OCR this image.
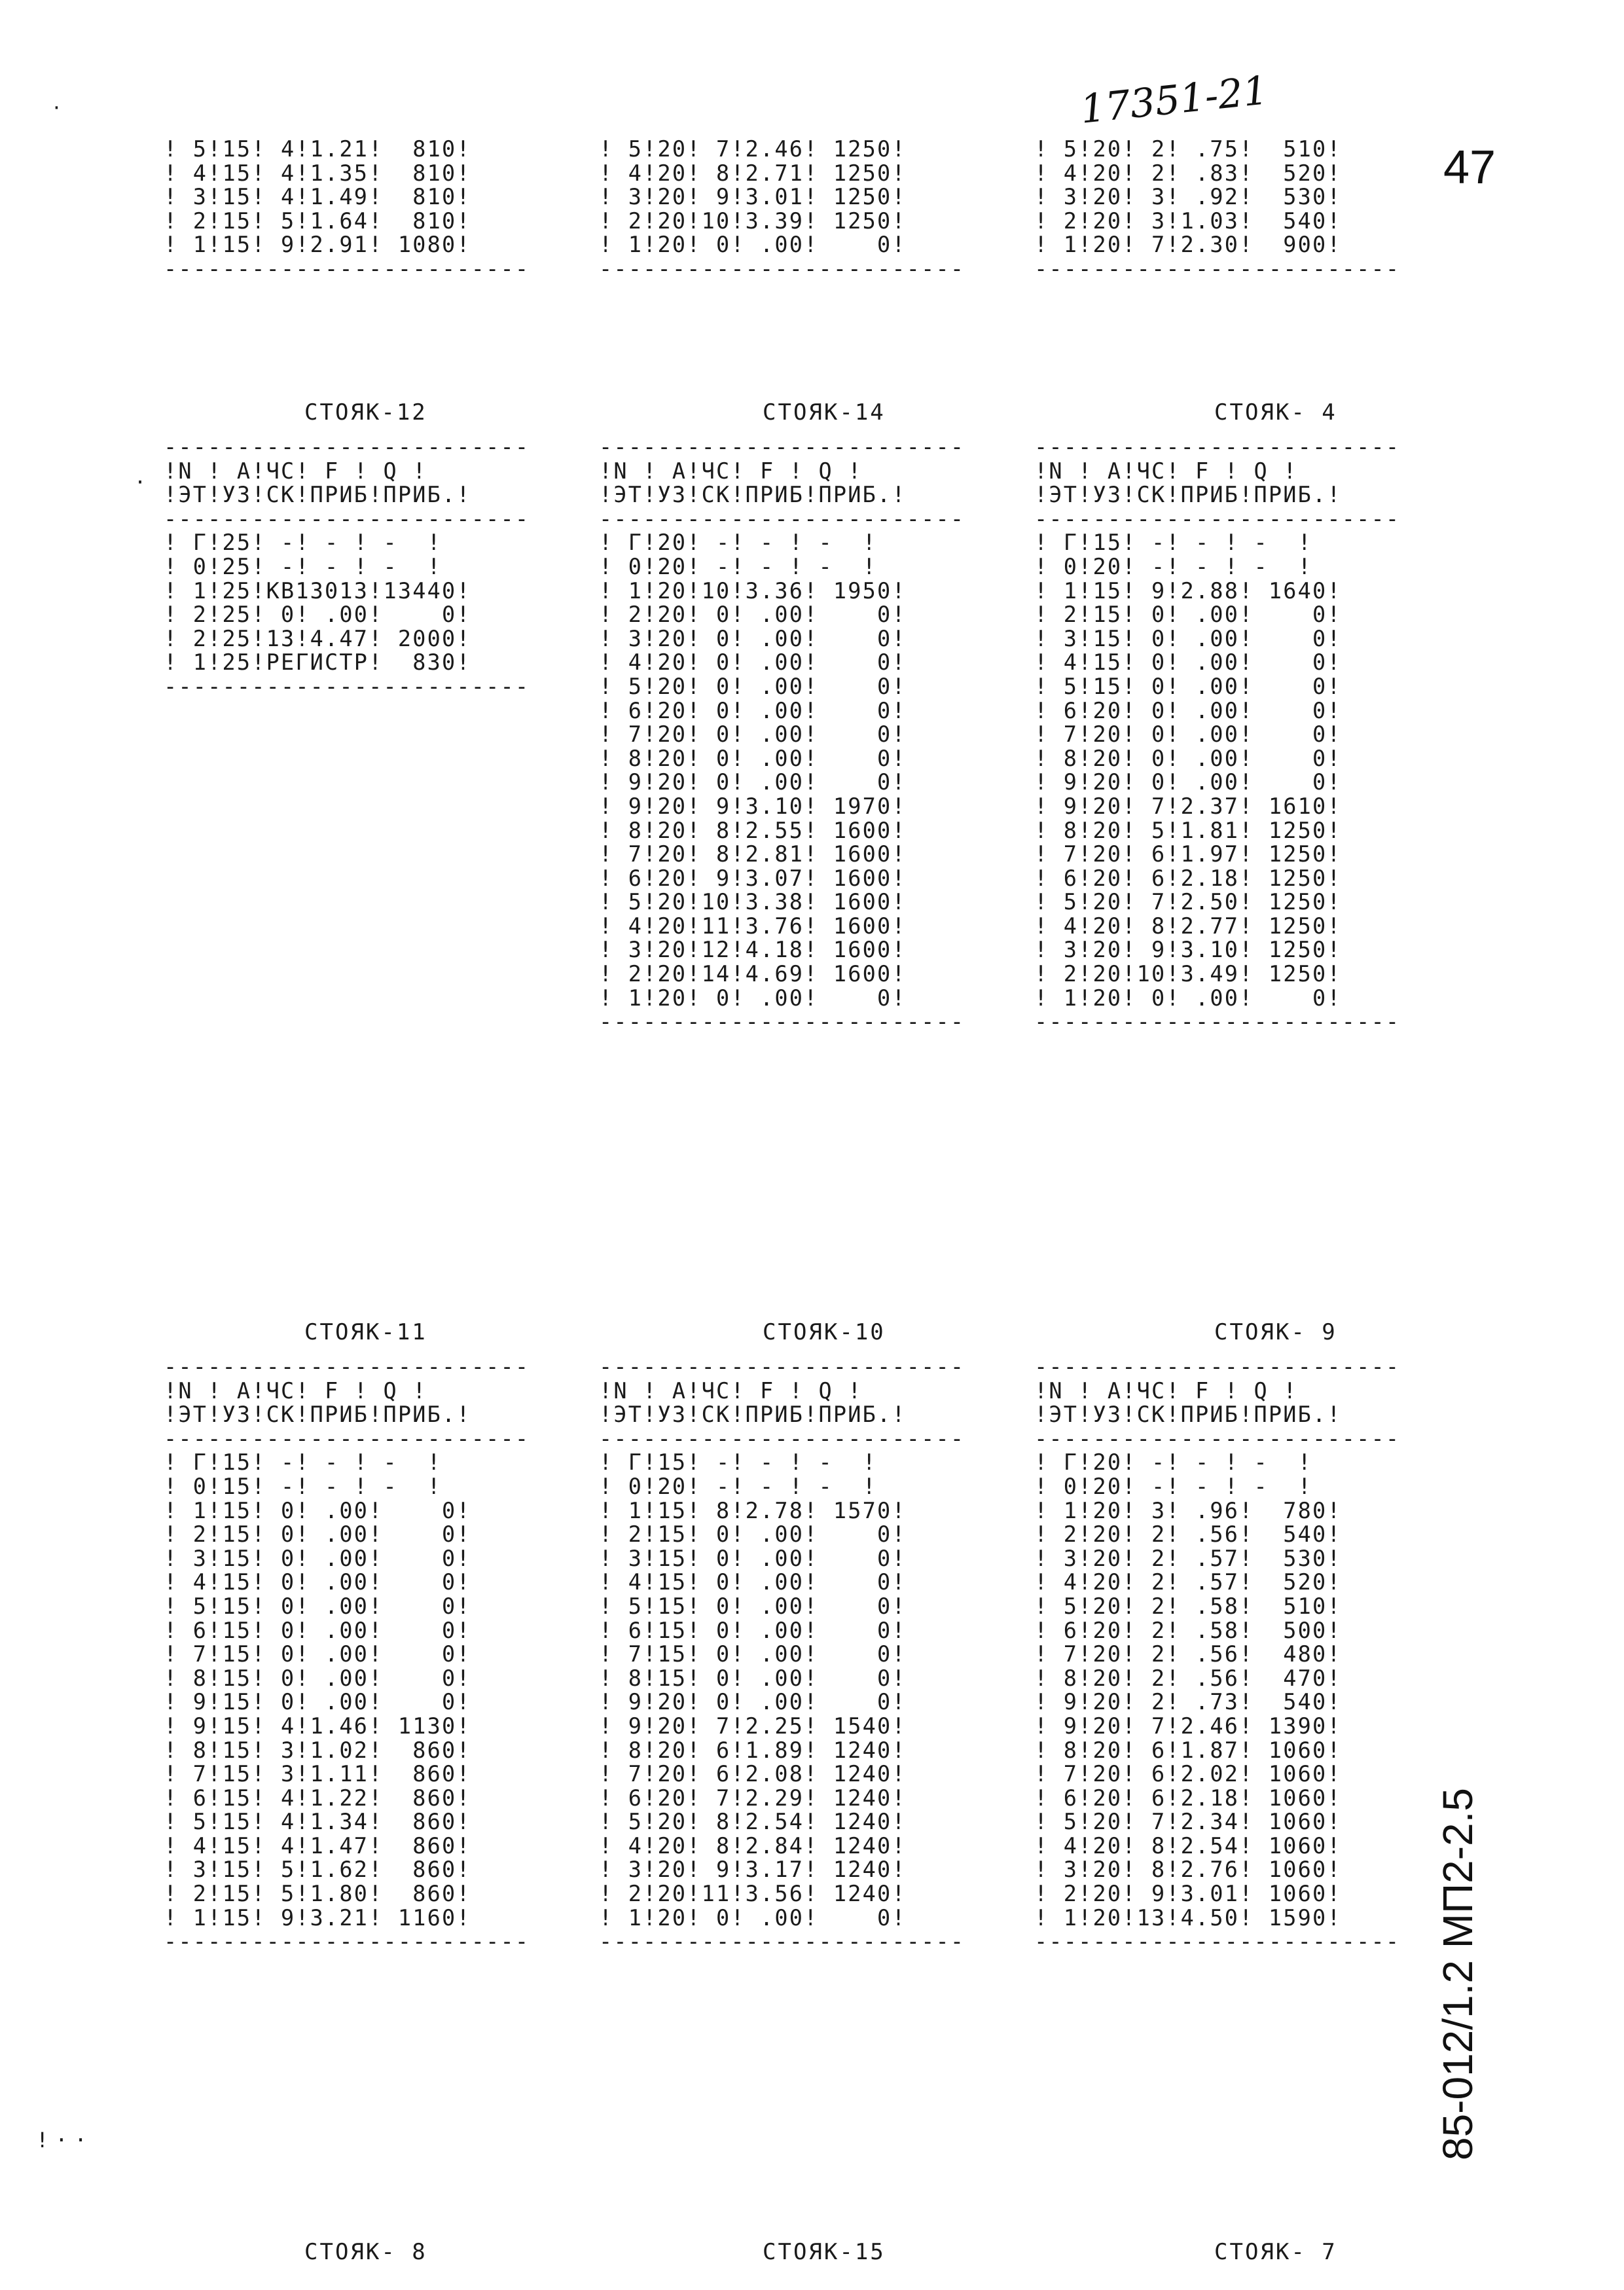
17351-21
47
85-012/1.2 МП2-2.5
·
·
!··
! 5!15! 4!1.21!  810!
! 4!15! 4!1.35!  810!
! 3!15! 4!1.49!  810!
! 2!15! 5!1.64!  810!
! 1!15! 9!2.91! 1080!
-------------------------
! 5!20! 7!2.46! 1250!
! 4!20! 8!2.71! 1250!
! 3!20! 9!3.01! 1250!
! 2!20!10!3.39! 1250!
! 1!20! 0! .00!    0!
-------------------------
! 5!20! 2! .75!  510!
! 4!20! 2! .83!  520!
! 3!20! 3! .92!  530!
! 2!20! 3!1.03!  540!
! 1!20! 7!2.30!  900!
-------------------------
СТОЯК-12	СТОЯК-14	СТОЯК- 4
-------------------------
!N ! A!ЧС! F ! Q !
!ЭТ!УЗ!СК!ПРИБ!ПРИБ.!
-------------------------
! Г!25! -! - ! -  !
! 0!25! -! - ! -  !
! 1!25!КВ13013!13440!
! 2!25! 0! .00!    0!
! 2!25!13!4.47! 2000!
! 1!25!РЕГИСТР!  830!
-------------------------
-------------------------
!N ! A!ЧС! F ! Q !
!ЭТ!УЗ!СК!ПРИБ!ПРИБ.!
-------------------------
! Г!20! -! - ! -  !
! 0!20! -! - ! -  !
! 1!20!10!3.36! 1950!
! 2!20! 0! .00!    0!
! 3!20! 0! .00!    0!
! 4!20! 0! .00!    0!
! 5!20! 0! .00!    0!
! 6!20! 0! .00!    0!
! 7!20! 0! .00!    0!
! 8!20! 0! .00!    0!
! 9!20! 0! .00!    0!
! 9!20! 9!3.10! 1970!
! 8!20! 8!2.55! 1600!
! 7!20! 8!2.81! 1600!
! 6!20! 9!3.07! 1600!
! 5!20!10!3.38! 1600!
! 4!20!11!3.76! 1600!
! 3!20!12!4.18! 1600!
! 2!20!14!4.69! 1600!
! 1!20! 0! .00!    0!
-------------------------
-------------------------
!N ! A!ЧС! F ! Q !
!ЭТ!УЗ!СК!ПРИБ!ПРИБ.!
-------------------------
! Г!15! -! - ! -  !
! 0!20! -! - ! -  !
! 1!15! 9!2.88! 1640!
! 2!15! 0! .00!    0!
! 3!15! 0! .00!    0!
! 4!15! 0! .00!    0!
! 5!15! 0! .00!    0!
! 6!20! 0! .00!    0!
! 7!20! 0! .00!    0!
! 8!20! 0! .00!    0!
! 9!20! 0! .00!    0!
! 9!20! 7!2.37! 1610!
! 8!20! 5!1.81! 1250!
! 7!20! 6!1.97! 1250!
! 6!20! 6!2.18! 1250!
! 5!20! 7!2.50! 1250!
! 4!20! 8!2.77! 1250!
! 3!20! 9!3.10! 1250!
! 2!20!10!3.49! 1250!
! 1!20! 0! .00!    0!
-------------------------
СТОЯК-11	СТОЯК-10	СТОЯК- 9
-------------------------
!N ! A!ЧС! F ! Q !
!ЭТ!УЗ!СК!ПРИБ!ПРИБ.!
-------------------------
! Г!15! -! - ! -  !
! 0!15! -! - ! -  !
! 1!15! 0! .00!    0!
! 2!15! 0! .00!    0!
! 3!15! 0! .00!    0!
! 4!15! 0! .00!    0!
! 5!15! 0! .00!    0!
! 6!15! 0! .00!    0!
! 7!15! 0! .00!    0!
! 8!15! 0! .00!    0!
! 9!15! 0! .00!    0!
! 9!15! 4!1.46! 1130!
! 8!15! 3!1.02!  860!
! 7!15! 3!1.11!  860!
! 6!15! 4!1.22!  860!
! 5!15! 4!1.34!  860!
! 4!15! 4!1.47!  860!
! 3!15! 5!1.62!  860!
! 2!15! 5!1.80!  860!
! 1!15! 9!3.21! 1160!
-------------------------
-------------------------
!N ! A!ЧС! F ! Q !
!ЭТ!УЗ!СК!ПРИБ!ПРИБ.!
-------------------------
! Г!15! -! - ! -  !
! 0!20! -! - ! -  !
! 1!15! 8!2.78! 1570!
! 2!15! 0! .00!    0!
! 3!15! 0! .00!    0!
! 4!15! 0! .00!    0!
! 5!15! 0! .00!    0!
! 6!15! 0! .00!    0!
! 7!15! 0! .00!    0!
! 8!15! 0! .00!    0!
! 9!20! 0! .00!    0!
! 9!20! 7!2.25! 1540!
! 8!20! 6!1.89! 1240!
! 7!20! 6!2.08! 1240!
! 6!20! 7!2.29! 1240!
! 5!20! 8!2.54! 1240!
! 4!20! 8!2.84! 1240!
! 3!20! 9!3.17! 1240!
! 2!20!11!3.56! 1240!
! 1!20! 0! .00!    0!
-------------------------
-------------------------
!N ! A!ЧС! F ! Q !
!ЭТ!УЗ!СК!ПРИБ!ПРИБ.!
-------------------------
! Г!20! -! - ! -  !
! 0!20! -! - ! -  !
! 1!20! 3! .96!  780!
! 2!20! 2! .56!  540!
! 3!20! 2! .57!  530!
! 4!20! 2! .57!  520!
! 5!20! 2! .58!  510!
! 6!20! 2! .58!  500!
! 7!20! 2! .56!  480!
! 8!20! 2! .56!  470!
! 9!20! 2! .73!  540!
! 9!20! 7!2.46! 1390!
! 8!20! 6!1.87! 1060!
! 7!20! 6!2.02! 1060!
! 6!20! 6!2.18! 1060!
! 5!20! 7!2.34! 1060!
! 4!20! 8!2.54! 1060!
! 3!20! 8!2.76! 1060!
! 2!20! 9!3.01! 1060!
! 1!20!13!4.50! 1590!
-------------------------
СТОЯК- 8	СТОЯК-15	СТОЯК- 7
